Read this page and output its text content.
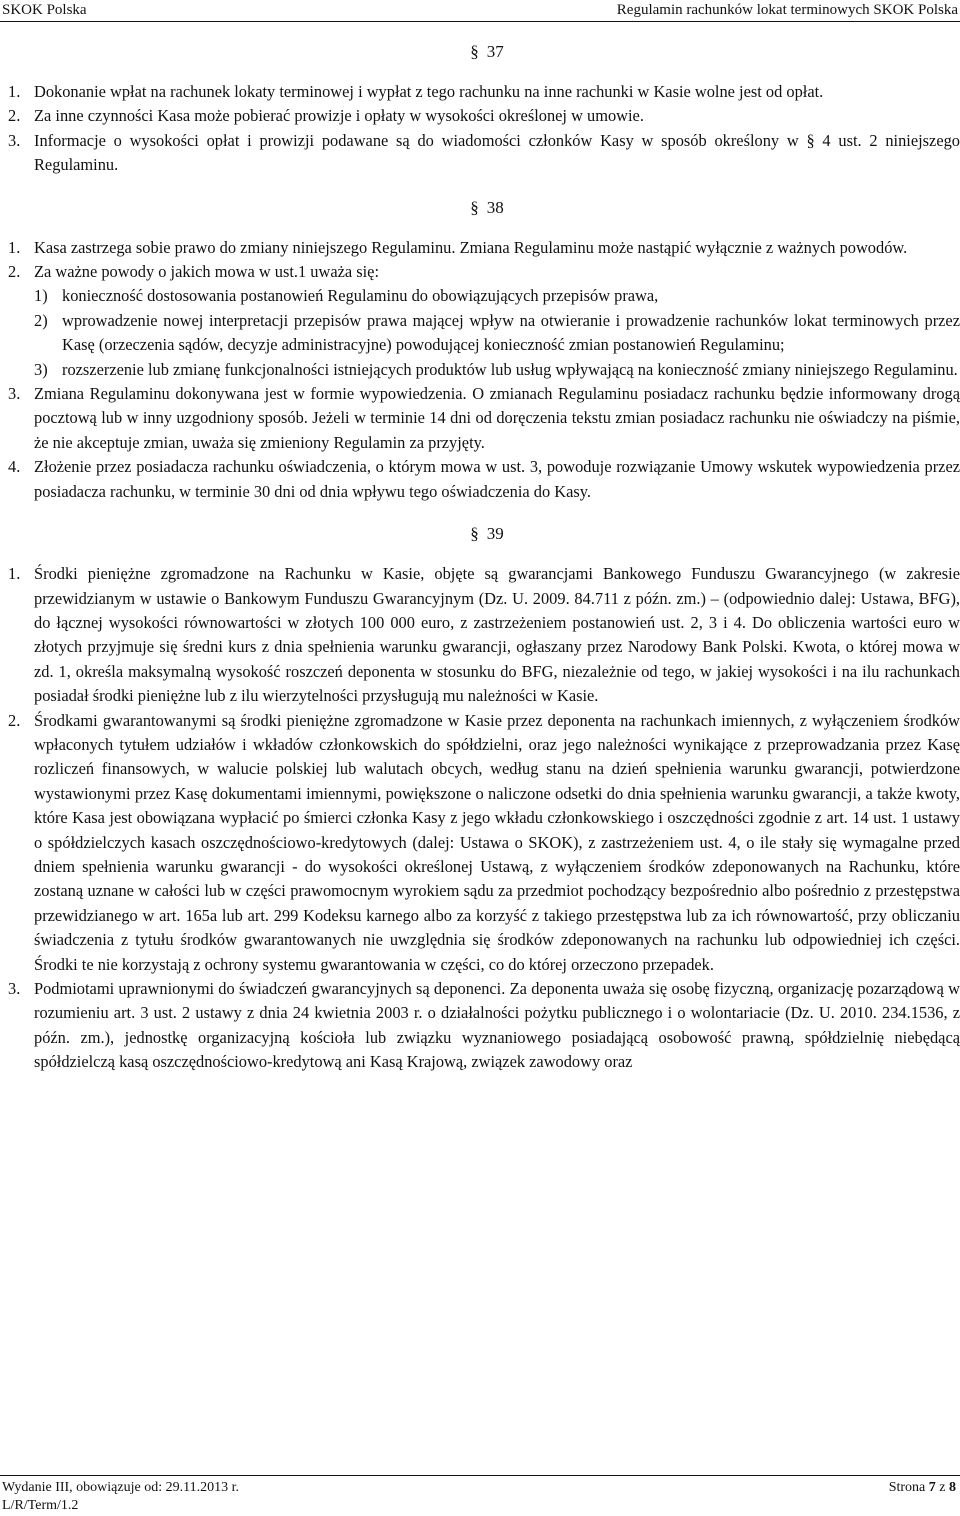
SKOK Polska	Regulamin rachunków lokat terminowych SKOK Polska
§ 37
1. Dokonanie wpłat na rachunek lokaty terminowej i wypłat z tego rachunku na inne rachunki w Kasie wolne jest od opłat.
2. Za inne czynności Kasa może pobierać prowizje i opłaty w wysokości określonej w umowie.
3. Informacje o wysokości opłat i prowizji podawane są do wiadomości członków Kasy w sposób określony w § 4 ust. 2 niniejszego Regulaminu.
§ 38
1. Kasa zastrzega sobie prawo do zmiany niniejszego Regulaminu. Zmiana Regulaminu może nastąpić wyłącznie z ważnych powodów.
2. Za ważne powody o jakich mowa w ust.1 uważa się:
1) konieczność dostosowania postanowień Regulaminu do obowiązujących przepisów prawa,
2) wprowadzenie nowej interpretacji przepisów prawa mającej wpływ na otwieranie i prowadzenie rachunków lokat terminowych przez Kasę (orzeczenia sądów, decyzje administracyjne) powodującej konieczność zmian postanowień Regulaminu;
3) rozszerzenie lub zmianę funkcjonalności istniejących produktów lub usług wpływającą na konieczność zmiany niniejszego Regulaminu.
3. Zmiana Regulaminu dokonywana jest w formie wypowiedzenia. O zmianach Regulaminu posiadacz rachunku będzie informowany drogą pocztową lub w inny uzgodniony sposób. Jeżeli w terminie 14 dni od doręczenia tekstu zmian posiadacz rachunku nie oświadczy na piśmie, że nie akceptuje zmian, uważa się zmieniony Regulamin za przyjęty.
4. Złożenie przez posiadacza rachunku oświadczenia, o którym mowa w ust. 3, powoduje rozwiązanie Umowy wskutek wypowiedzenia przez posiadacza rachunku, w terminie 30 dni od dnia wpływu tego oświadczenia do Kasy.
§ 39
1. Środki pieniężne zgromadzone na Rachunku w Kasie, objęte są gwarancjami Bankowego Funduszu Gwarancyjnego (w zakresie przewidzianym w ustawie o Bankowym Funduszu Gwarancyjnym (Dz. U. 2009. 84.711 z późn. zm.) – (odpowiednio dalej: Ustawa, BFG), do łącznej wysokości równowartości w złotych 100 000 euro, z zastrzeżeniem postanowień ust. 2, 3 i 4. Do obliczenia wartości euro w złotych przyjmuje się średni kurs z dnia spełnienia warunku gwarancji, ogłaszany przez Narodowy Bank Polski. Kwota, o której mowa w zd. 1, określa maksymalną wysokość roszczeń deponenta w stosunku do BFG, niezależnie od tego, w jakiej wysokości i na ilu rachunkach posiadał środki pieniężne lub z ilu wierzytelności przysługują mu należności w Kasie.
2. Środkami gwarantowanymi są środki pieniężne zgromadzone w Kasie przez deponenta na rachunkach imiennych, z wyłączeniem środków wpłaconych tytułem udziałów i wkładów członkowskich do spółdzielni, oraz jego należności wynikające z przeprowadzania przez Kasę rozliczeń finansowych, w walucie polskiej lub walutach obcych, według stanu na dzień spełnienia warunku gwarancji, potwierdzone wystawionymi przez Kasę dokumentami imiennymi, powiększone o naliczone odsetki do dnia spełnienia warunku gwarancji, a także kwoty, które Kasa jest obowiązana wypłacić po śmierci członka Kasy z jego wkładu członkowskiego i oszczędności zgodnie z art. 14 ust. 1 ustawy o spółdzielczych kasach oszczędnościowo-kredytowych (dalej: Ustawa o SKOK), z zastrzeżeniem ust. 4, o ile stały się wymagalne przed dniem spełnienia warunku gwarancji - do wysokości określonej Ustawą, z wyłączeniem środków zdeponowanych na Rachunku, które zostaną uznane w całości lub w części prawomocnym wyrokiem sądu za przedmiot pochodzący bezpośrednio albo pośrednio z przestępstwa przewidzianego w art. 165a lub art. 299 Kodeksu karnego albo za korzyść z takiego przestępstwa lub za ich równowartość, przy obliczaniu świadczenia z tytułu środków gwarantowanych nie uwzględnia się środków zdeponowanych na rachunku lub odpowiedniej ich części. Środki te nie korzystają z ochrony systemu gwarantowania w części, co do której orzeczono przepadek.
3. Podmiotami uprawnionymi do świadczeń gwarancyjnych są deponenci. Za deponenta uważa się osobę fizyczną, organizację pozarządową w rozumieniu art. 3 ust. 2 ustawy z dnia 24 kwietnia 2003 r. o działalności pożytku publicznego i o wolontariacie (Dz. U. 2010. 234.1536, z późn. zm.), jednostkę organizacyjną kościoła lub związku wyznaniowego posiadającą osobowość prawną, spółdzielnię niebędącą spółdzielczą kasą oszczędnościowo-kredytową ani Kasą Krajową, związek zawodowy oraz
Wydanie III, obowiązuje od: 29.11.2013 r.
L/R/Term/1.2
Strona 7 z 8
